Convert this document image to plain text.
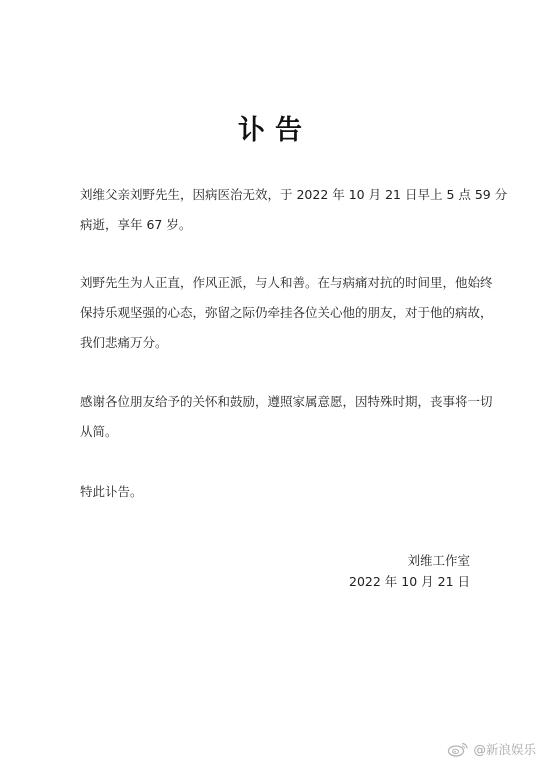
讣告
刘维父亲刘野先生，因病医治无效，于 2022 年 10 月 21 日早上 5 点 59 分
病逝，享年 67 岁。
刘野先生为人正直，作风正派，与人和善。在与病痛对抗的时间里，他始终
保持乐观坚强的心态，弥留之际仍牵挂各位关心他的朋友，对于他的病故，
我们悲痛万分。
感谢各位朋友给予的关怀和鼓励，遵照家属意愿，因特殊时期，丧事将一切
从简。
特此讣告。
刘维工作室
2022 年 10 月 21 日
@新浪娱乐
